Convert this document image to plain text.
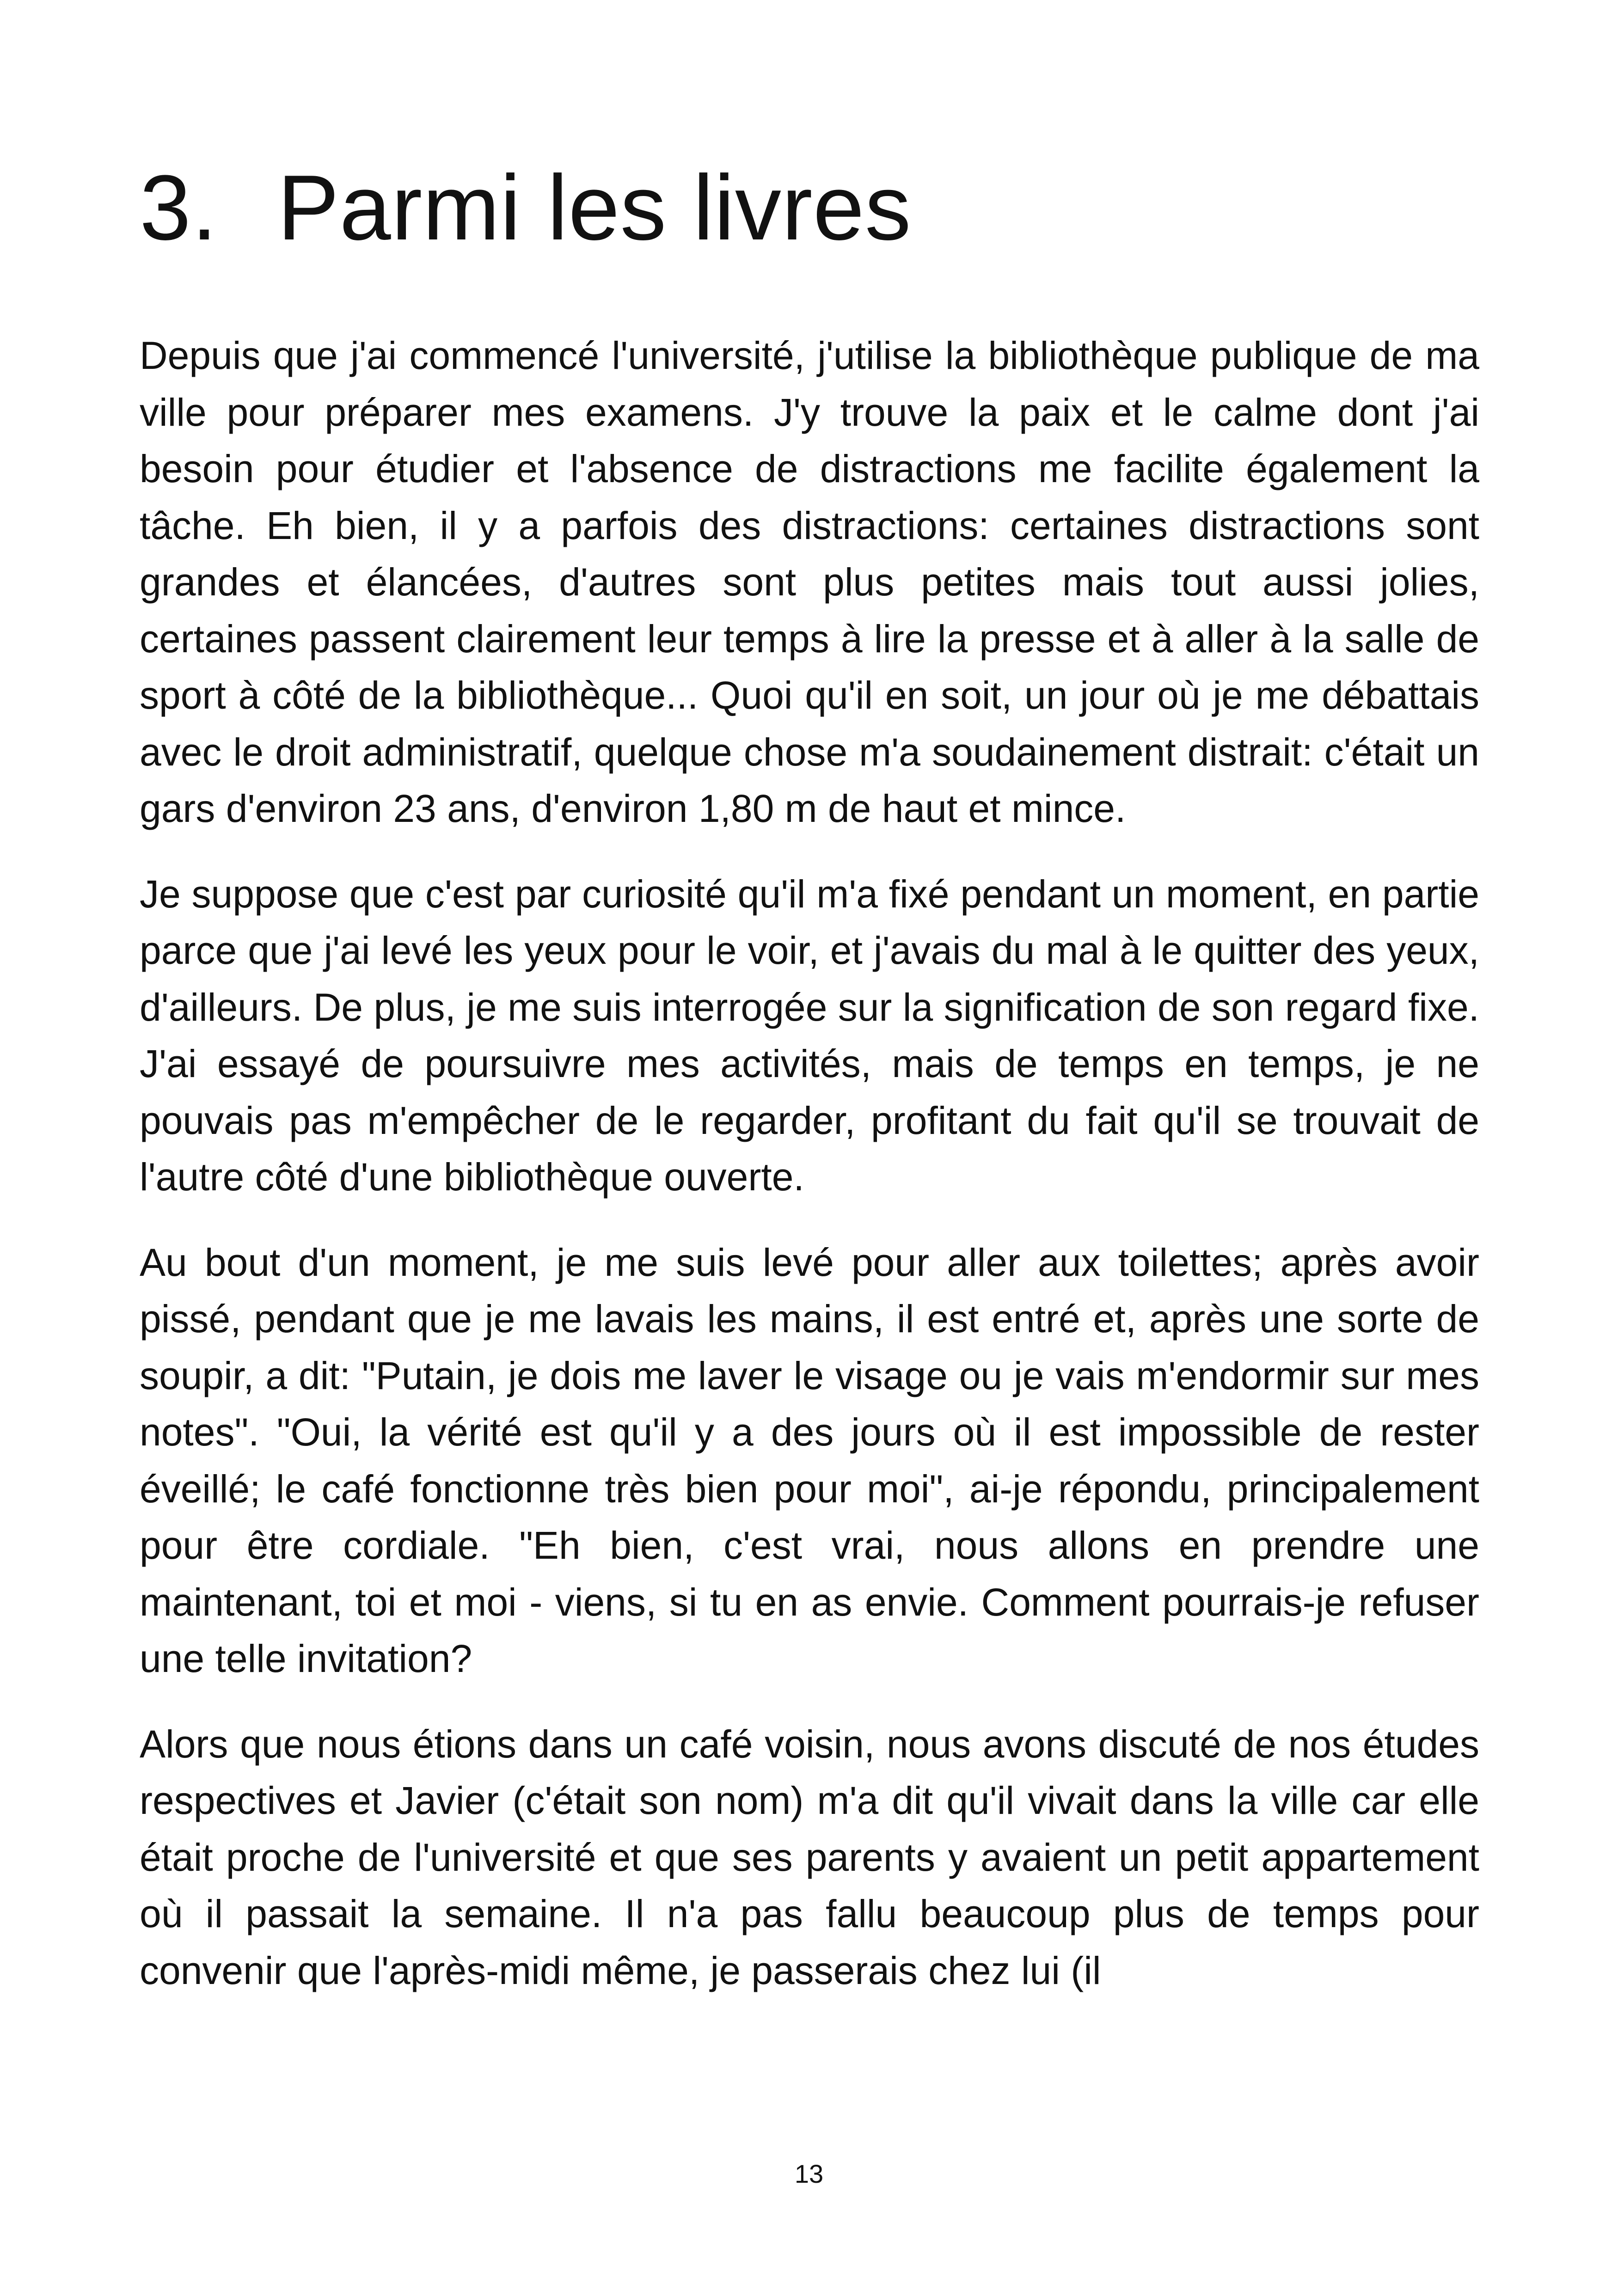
3. Parmi les livres

Depuis que j'ai commencé l'université, j'utilise la bibliothèque publique de ma ville pour préparer mes examens. J'y trouve la paix et le calme dont j'ai besoin pour étudier et l'absence de distractions me facilite également la tâche. Eh bien, il y a parfois des distractions: certaines distractions sont grandes et élancées, d'autres sont plus petites mais tout aussi jolies, certaines passent clairement leur temps à lire la presse et à aller à la salle de sport à côté de la bibliothèque... Quoi qu'il en soit, un jour où je me débattais avec le droit administratif, quelque chose m'a soudainement distrait: c'était un gars d'environ 23 ans, d'environ 1,80 m de haut et mince.

Je suppose que c'est par curiosité qu'il m'a fixé pendant un moment, en partie parce que j'ai levé les yeux pour le voir, et j'avais du mal à le quitter des yeux, d'ailleurs. De plus, je me suis interrogée sur la signification de son regard fixe. J'ai essayé de poursuivre mes activités, mais de temps en temps, je ne pouvais pas m'empêcher de le regarder, profitant du fait qu'il se trouvait de l'autre côté d'une bibliothèque ouverte.

Au bout d'un moment, je me suis levé pour aller aux toilettes; après avoir pissé, pendant que je me lavais les mains, il est entré et, après une sorte de soupir, a dit: "Putain, je dois me laver le visage ou je vais m'endormir sur mes notes". "Oui, la vérité est qu'il y a des jours où il est impossible de rester éveillé; le café fonctionne très bien pour moi", ai-je répondu, principalement pour être cordiale. "Eh bien, c'est vrai, nous allons en prendre une maintenant, toi et moi - viens, si tu en as envie. Comment pourrais-je refuser une telle invitation?

Alors que nous étions dans un café voisin, nous avons discuté de nos études respectives et Javier (c'était son nom) m'a dit qu'il vivait dans la ville car elle était proche de l'université et que ses parents y avaient un petit appartement où il passait la semaine. Il n'a pas fallu beaucoup plus de temps pour convenir que l'après-midi même, je passerais chez lui (il

13
